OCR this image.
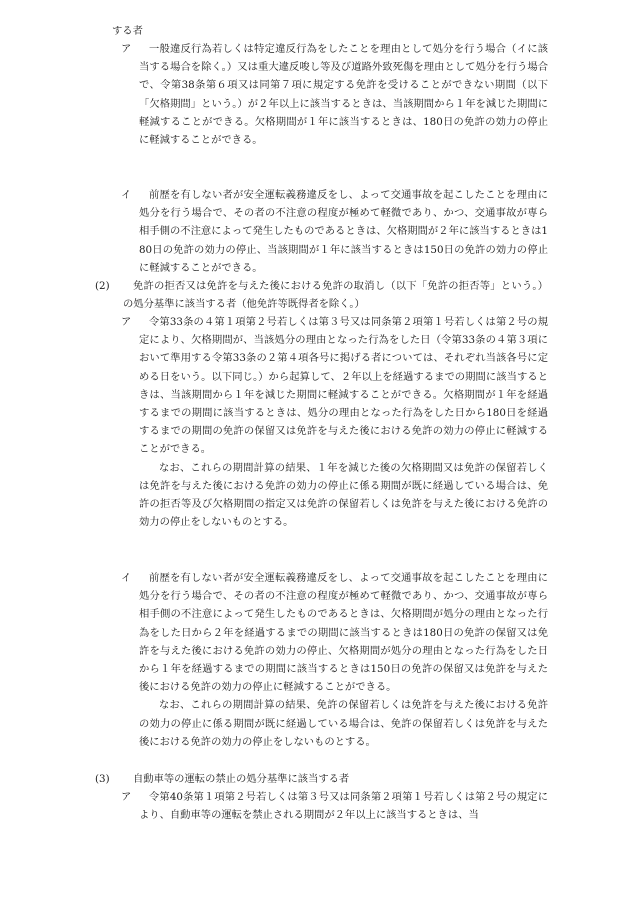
する者

ア	一般違反行為若しくは特定違反行為をしたことを理由として処分を行う場合（イに該当する場合を除く。）又は重大違反唆し等及び道路外致死傷を理由として処分を行う場合で、令第38条第６項又は同第７項に規定する免許を受けることができない期間（以下「欠格期間」という。）が２年以上に該当するときは、当該期間から１年を減じた期間に軽減することができる。欠格期間が１年に該当するときは、180日の免許の効力の停止に軽減することができる。
イ	前歴を有しない者が安全運転義務違反をし、よって交通事故を起こしたことを理由に処分を行う場合で、その者の不注意の程度が極めて軽微であり、かつ、交通事故が専ら相手側の不注意によって発生したものであるときは、欠格期間が２年に該当するときは180日の免許の効力の停止、当該期間が１年に該当するときは150日の免許の効力の停止に軽減することができる。
(2)	免許の拒否又は免許を与えた後における免許の取消し（以下「免許の拒否等」という。）の処分基準に該当する者（他免許等既得者を除く。）
ア	令第33条の４第１項第２号若しくは第３号又は同条第２項第１号若しくは第２号の規定により、欠格期間が、当該処分の理由となった行為をした日（令第33条の４第３項において準用する令第33条の２第４項各号に掲げる者については、それぞれ当該各号に定める日をいう。以下同じ。）から起算して、２年以上を経過するまでの期間に該当するときは、当該期間から１年を減じた期間に軽減することができる。欠格期間が１年を経過するまでの期間に該当するときは、処分の理由となった行為をした日から180日を経過するまでの期間の免許の保留又は免許を与えた後における免許の効力の停止に軽減することができる。
なお、これらの期間計算の結果、１年を減じた後の欠格期間又は免許の保留若しくは免許を与えた後における免許の効力の停止に係る期間が既に経過している場合は、免許の拒否等及び欠格期間の指定又は免許の保留若しくは免許を与えた後における免許の効力の停止をしないものとする。
イ	前歴を有しない者が安全運転義務違反をし、よって交通事故を起こしたことを理由に処分を行う場合で、その者の不注意の程度が極めて軽微であり、かつ、交通事故が専ら相手側の不注意によって発生したものであるときは、欠格期間が処分の理由となった行為をした日から２年を経過するまでの期間に該当するときは180日の免許の保留又は免許を与えた後における免許の効力の停止、欠格期間が処分の理由となった行為をした日から１年を経過するまでの期間に該当するときは150日の免許の保留又は免許を与えた後における免許の効力の停止に軽減することができる。
なお、これらの期間計算の結果、免許の保留若しくは免許を与えた後における免許の効力の停止に係る期間が既に経過している場合は、免許の保留若しくは免許を与えた後における免許の効力の停止をしないものとする。
(3)	自動車等の運転の禁止の処分基準に該当する者
ア	令第40条第１項第２号若しくは第３号又は同条第２項第１号若しくは第２号の規定により、自動車等の運転を禁止される期間が２年以上に該当するときは、当
